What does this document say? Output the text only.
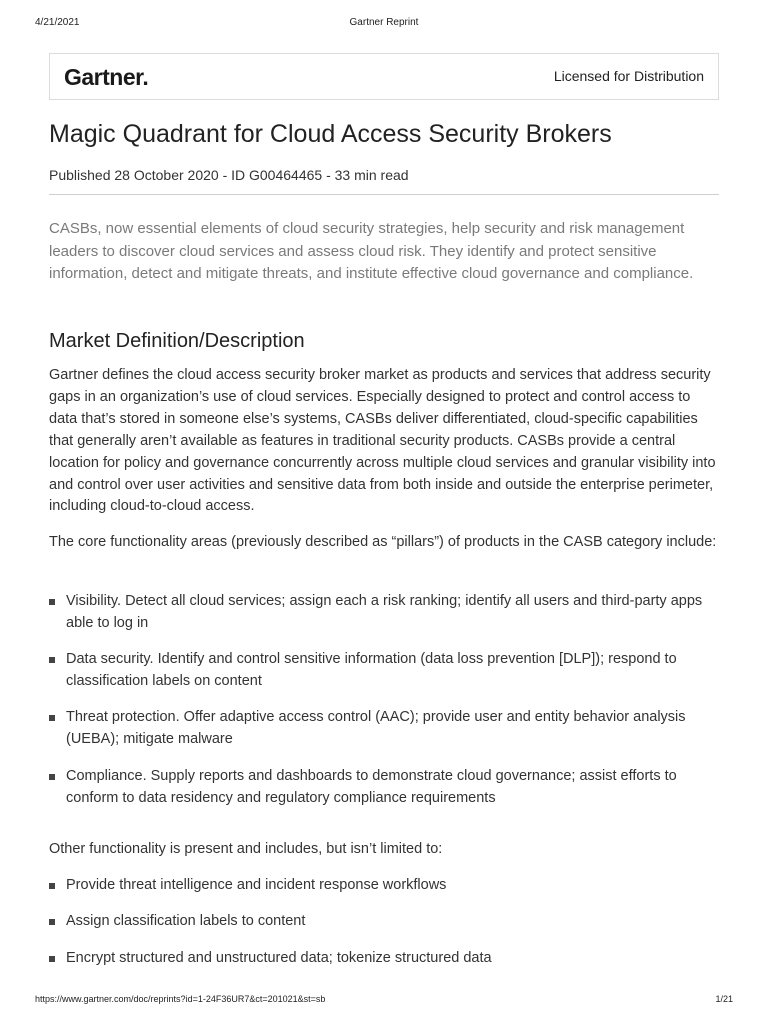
4/21/2021	Gartner Reprint
Gartner.	Licensed for Distribution
Magic Quadrant for Cloud Access Security Brokers
Published 28 October 2020 - ID G00464465 - 33 min read

CASBs, now essential elements of cloud security strategies, help security and risk management leaders to discover cloud services and assess cloud risk. They identify and protect sensitive information, detect and mitigate threats, and institute effective cloud governance and compliance.

Market Definition/Description

Gartner defines the cloud access security broker market as products and services that address security gaps in an organization’s use of cloud services. Especially designed to protect and control access to data that’s stored in someone else’s systems, CASBs deliver differentiated, cloud-specific capabilities that generally aren’t available as features in traditional security products. CASBs provide a central location for policy and governance concurrently across multiple cloud services and granular visibility into and control over user activities and sensitive data from both inside and outside the enterprise perimeter, including cloud-to-cloud access.

The core functionality areas (previously described as “pillars”) of products in the CASB category include:

Visibility. Detect all cloud services; assign each a risk ranking; identify all users and third-party apps able to log in
Data security. Identify and control sensitive information (data loss prevention [DLP]); respond to classification labels on content
Threat protection. Offer adaptive access control (AAC); provide user and entity behavior analysis (UEBA); mitigate malware
Compliance. Supply reports and dashboards to demonstrate cloud governance; assist efforts to conform to data residency and regulatory compliance requirements

Other functionality is present and includes, but isn’t limited to:

Provide threat intelligence and incident response workflows
Assign classification labels to content
Encrypt structured and unstructured data; tokenize structured data
https://www.gartner.com/doc/reprints?id=1-24F36UR7&ct=201021&st=sb	1/21
